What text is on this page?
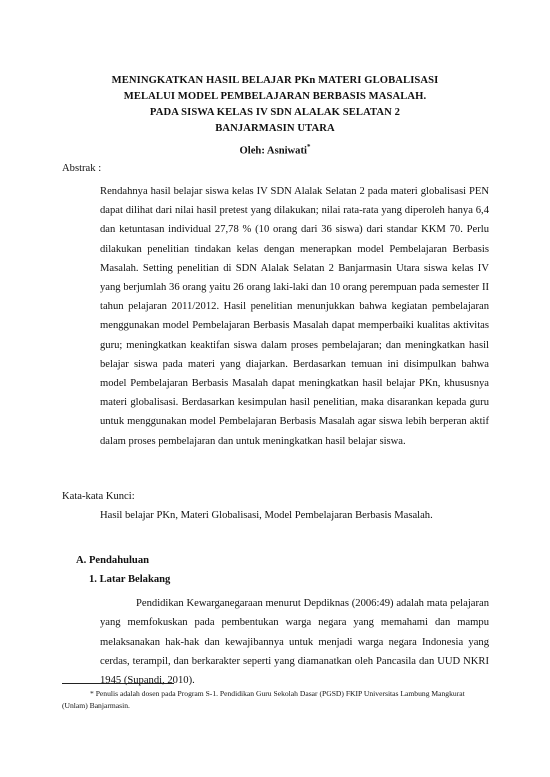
MENINGKATKAN HASIL BELAJAR PKn MATERI GLOBALISASI
MELALUI MODEL PEMBELAJARAN BERBASIS MASALAH.
PADA SISWA KELAS IV SDN ALALAK SELATAN 2
BANJARMASIN UTARA
Oleh: Asniwati*
Abstrak :
Rendahnya hasil belajar siswa kelas IV SDN Alalak Selatan 2 pada materi globalisasi PEN dapat dilihat dari nilai hasil pretest yang dilakukan; nilai rata-rata yang diperoleh hanya 6,4 dan ketuntasan individual 27,78 % (10 orang dari 36 siswa) dari standar KKM 70. Perlu dilakukan penelitian tindakan kelas dengan menerapkan model Pembelajaran Berbasis Masalah. Setting penelitian di SDN Alalak Selatan 2 Banjarmasin Utara siswa kelas IV yang berjumlah 36 orang yaitu 26 orang laki-laki dan 10 orang perempuan pada semester II tahun pelajaran 2011/2012. Hasil penelitian menunjukkan bahwa kegiatan pembelajaran menggunakan model Pembelajaran Berbasis Masalah dapat memperbaiki kualitas aktivitas guru; meningkatkan keaktifan siswa dalam proses pembelajaran; dan meningkatkan hasil belajar siswa pada materi yang diajarkan. Berdasarkan temuan ini disimpulkan bahwa model Pembelajaran Berbasis Masalah dapat meningkatkan hasil belajar PKn, khususnya materi globalisasi. Berdasarkan kesimpulan hasil penelitian, maka disarankan kepada guru untuk menggunakan model Pembelajaran Berbasis Masalah agar siswa lebih berperan aktif dalam proses pembelajaran dan untuk meningkatkan hasil belajar siswa.
Kata-kata Kunci:
Hasil belajar PKn, Materi Globalisasi, Model Pembelajaran Berbasis Masalah.
A. Pendahuluan
1. Latar Belakang
Pendidikan Kewarganegaraan menurut Depdiknas (2006:49) adalah mata pelajaran yang memfokuskan pada pembentukan warga negara yang memahami dan mampu melaksanakan hak-hak dan kewajibannya untuk menjadi warga negara Indonesia yang cerdas, terampil, dan berkarakter seperti yang diamanatkan oleh Pancasila dan UUD NKRI 1945 (Supandi, 2010).
* Penulis adalah dosen pada Program S-1. Pendidikan Guru Sekolah Dasar (PGSD) FKIP Universitas Lambung Mangkurat (Unlam) Banjarmasin.
